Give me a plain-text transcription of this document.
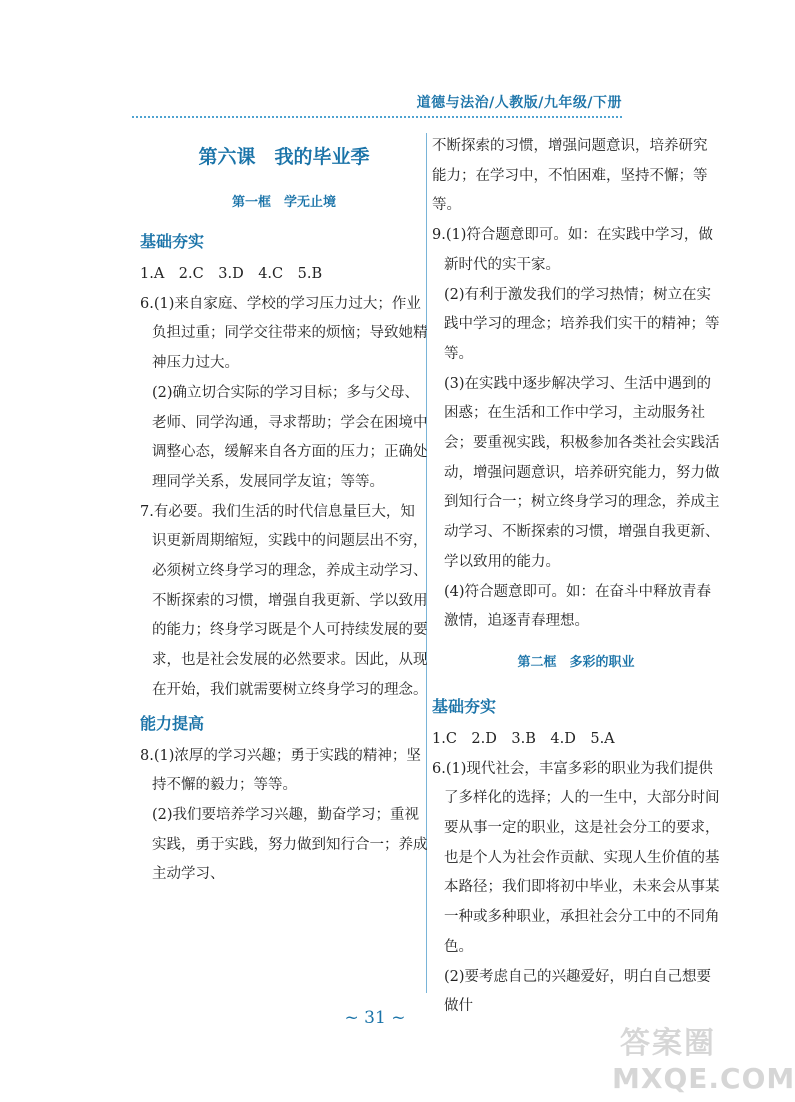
道德与法治/人教版/九年级/下册
第六课　我的毕业季
第一框　学无止境
基础夯实

1.A　2.C　3.D　4.C　5.B

6.(1)来自家庭、学校的学习压力过大；作业负担过重；同学交往带来的烦恼；导致她精神压力过大。

(2)确立切合实际的学习目标；多与父母、老师、同学沟通，寻求帮助；学会在困境中调整心态，缓解来自各方面的压力；正确处理同学关系，发展同学友谊；等等。

7.有必要。我们生活的时代信息量巨大，知识更新周期缩短，实践中的问题层出不穷，必须树立终身学习的理念，养成主动学习、不断探索的习惯，增强自我更新、学以致用的能力；终身学习既是个人可持续发展的要求，也是社会发展的必然要求。因此，从现在开始，我们就需要树立终身学习的理念。

能力提高

8.(1)浓厚的学习兴趣；勇于实践的精神；坚持不懈的毅力；等等。

(2)我们要培养学习兴趣，勤奋学习；重视实践，勇于实践，努力做到知行合一；养成主动学习、

不断探索的习惯，增强问题意识，培养研究能力；在学习中，不怕困难，坚持不懈；等等。

9.(1)符合题意即可。如：在实践中学习，做新时代的实干家。

(2)有利于激发我们的学习热情；树立在实践中学习的理念；培养我们实干的精神；等等。

(3)在实践中逐步解决学习、生活中遇到的困惑；在生活和工作中学习，主动服务社会；要重视实践，积极参加各类社会实践活动，增强问题意识，培养研究能力，努力做到知行合一；树立终身学习的理念，养成主动学习、不断探索的习惯，增强自我更新、学以致用的能力。

(4)符合题意即可。如：在奋斗中释放青春激情，追逐青春理想。

第二框　多彩的职业
基础夯实

1.C　2.D　3.B　4.D　5.A

6.(1)现代社会，丰富多彩的职业为我们提供了多样化的选择；人的一生中，大部分时间要从事一定的职业，这是社会分工的要求，也是个人为社会作贡献、实现人生价值的基本路径；我们即将初中毕业，未来会从事某一种或多种职业，承担社会分工中的不同角色。

(2)要考虑自己的兴趣爱好，明白自己想要做什

~ 31 ~
答案圈
MXQE.COM
